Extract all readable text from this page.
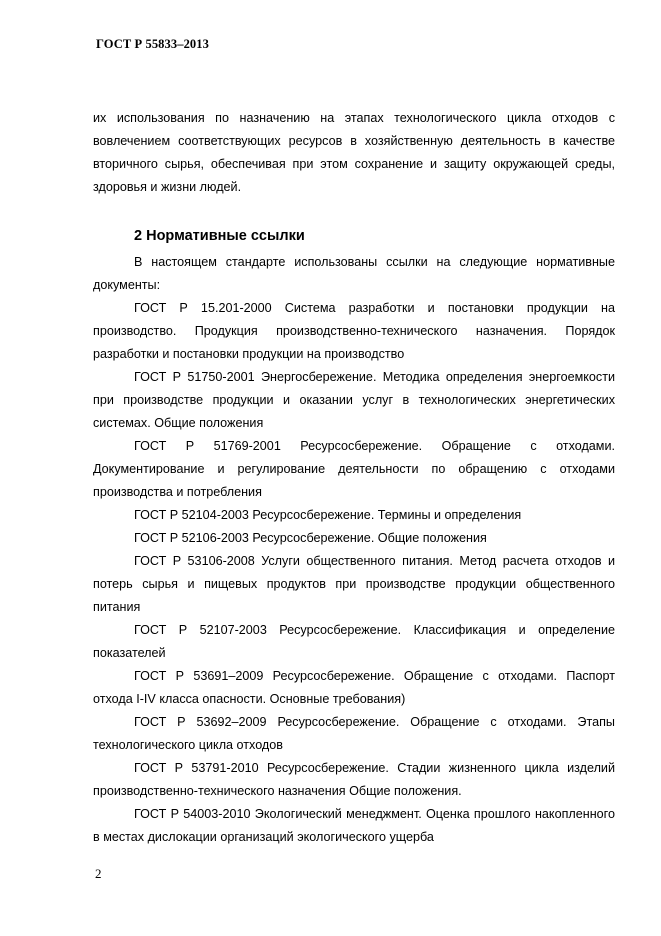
ГОСТ Р 55833–2013

их использования по назначению на этапах технологического цикла отходов с вовлечением соответствующих ресурсов в хозяйственную деятельность в качестве вторичного сырья, обеспечивая при этом сохранение и защиту окружающей среды, здоровья и жизни людей.

2 Нормативные ссылки

В настоящем стандарте использованы ссылки на следующие нормативные документы:

ГОСТ Р 15.201-2000 Система разработки и постановки продукции на производство. Продукция производственно-технического назначения. Порядок разработки и постановки продукции на производство

ГОСТ Р 51750-2001 Энергосбережение. Методика определения энергоемкости при производстве продукции и оказании услуг в технологических энергетических системах. Общие положения

ГОСТ Р 51769-2001 Ресурсосбережение. Обращение с отходами. Документирование и регулирование деятельности по обращению с отходами производства и потребления

ГОСТ Р 52104-2003 Ресурсосбережение. Термины и определения

ГОСТ Р 52106-2003 Ресурсосбережение. Общие положения

ГОСТ Р 53106-2008 Услуги общественного питания. Метод расчета отходов и потерь сырья и пищевых продуктов при производстве продукции общественного питания

ГОСТ Р 52107-2003 Ресурсосбережение. Классификация и определение показателей

ГОСТ Р 53691–2009 Ресурсосбережение. Обращение с отходами. Паспорт отхода I-IV класса опасности. Основные требования)

ГОСТ Р 53692–2009 Ресурсосбережение. Обращение с отходами. Этапы технологического цикла отходов

ГОСТ Р 53791-2010 Ресурсосбережение. Стадии жизненного цикла изделий производственно-технического назначения Общие положения.

ГОСТ Р 54003-2010 Экологический менеджмент. Оценка прошлого накопленного в местах дислокации организаций экологического ущерба

2
